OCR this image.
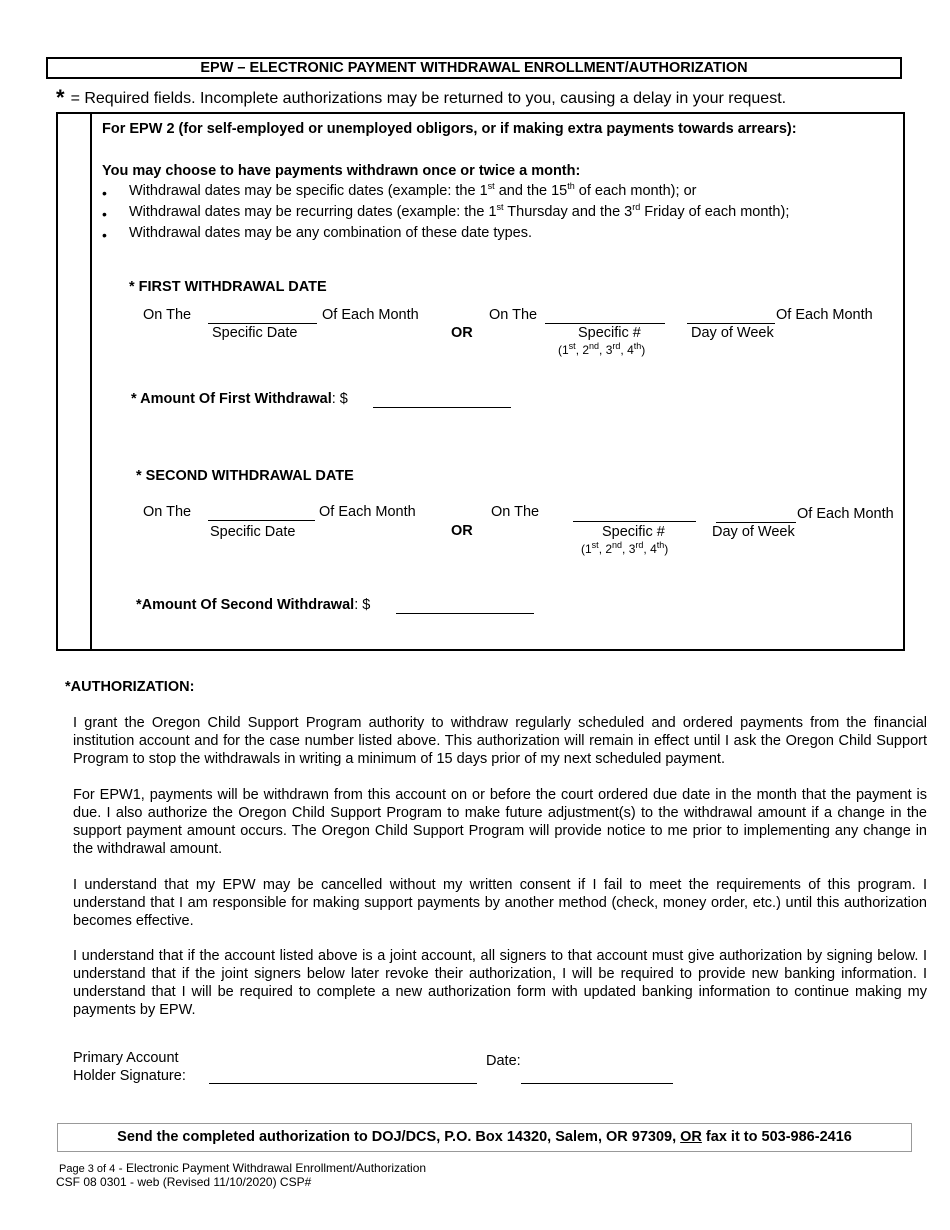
EPW – ELECTRONIC PAYMENT WITHDRAWAL ENROLLMENT/AUTHORIZATION
* = Required fields. Incomplete authorizations may be returned to you, causing a delay in your request.
For EPW 2 (for self-employed or unemployed obligors, or if making extra payments towards arrears):
You may choose to have payments withdrawn once or twice a month:
• Withdrawal dates may be specific dates (example: the 1st and the 15th of each month); or
• Withdrawal dates may be recurring dates (example: the 1st Thursday and the 3rd Friday of each month);
• Withdrawal dates may be any combination of these date types.
* FIRST WITHDRAWAL DATE
On The	Of Each Month
Specific Date	OR
On The
Specific #
(1st, 2nd, 3rd, 4th)
Of Each Month
Day of Week
* Amount Of First Withdrawal: $
* SECOND WITHDRAWAL DATE
On The	Of Each Month
Specific Date	OR
On The
Specific #
(1st, 2nd, 3rd, 4th)
Of Each Month
Day of Week
*Amount Of Second Withdrawal: $
*AUTHORIZATION:
I grant the Oregon Child Support Program authority to withdraw regularly scheduled and ordered payments from the financial institution account and for the case number listed above. This authorization will remain in effect until I ask the Oregon Child Support Program to stop the withdrawals in writing a minimum of 15 days prior of my next scheduled payment.
For EPW1, payments will be withdrawn from this account on or before the court ordered due date in the month that the payment is due. I also authorize the Oregon Child Support Program to make future adjustment(s) to the withdrawal amount if a change in the support payment amount occurs. The Oregon Child Support Program will provide notice to me prior to implementing any change in the withdrawal amount.
I understand that my EPW may be cancelled without my written consent if I fail to meet the requirements of this program. I understand that I am responsible for making support payments by another method (check, money order, etc.) until this authorization becomes effective.
I understand that if the account listed above is a joint account, all signers to that account must give authorization by signing below. I understand that if the joint signers below later revoke their authorization, I will be required to provide new banking information. I understand that I will be required to complete a new authorization form with updated banking information to continue making my payments by EPW.
Primary Account
Holder Signature:
Date:
Send the completed authorization to DOJ/DCS, P.O. Box 14320, Salem, OR 97309, OR fax it to 503-986-2416
Page 3 of 4 - Electronic Payment Withdrawal Enrollment/Authorization
CSF 08 0301 - web (Revised 11/10/2020) CSP#
